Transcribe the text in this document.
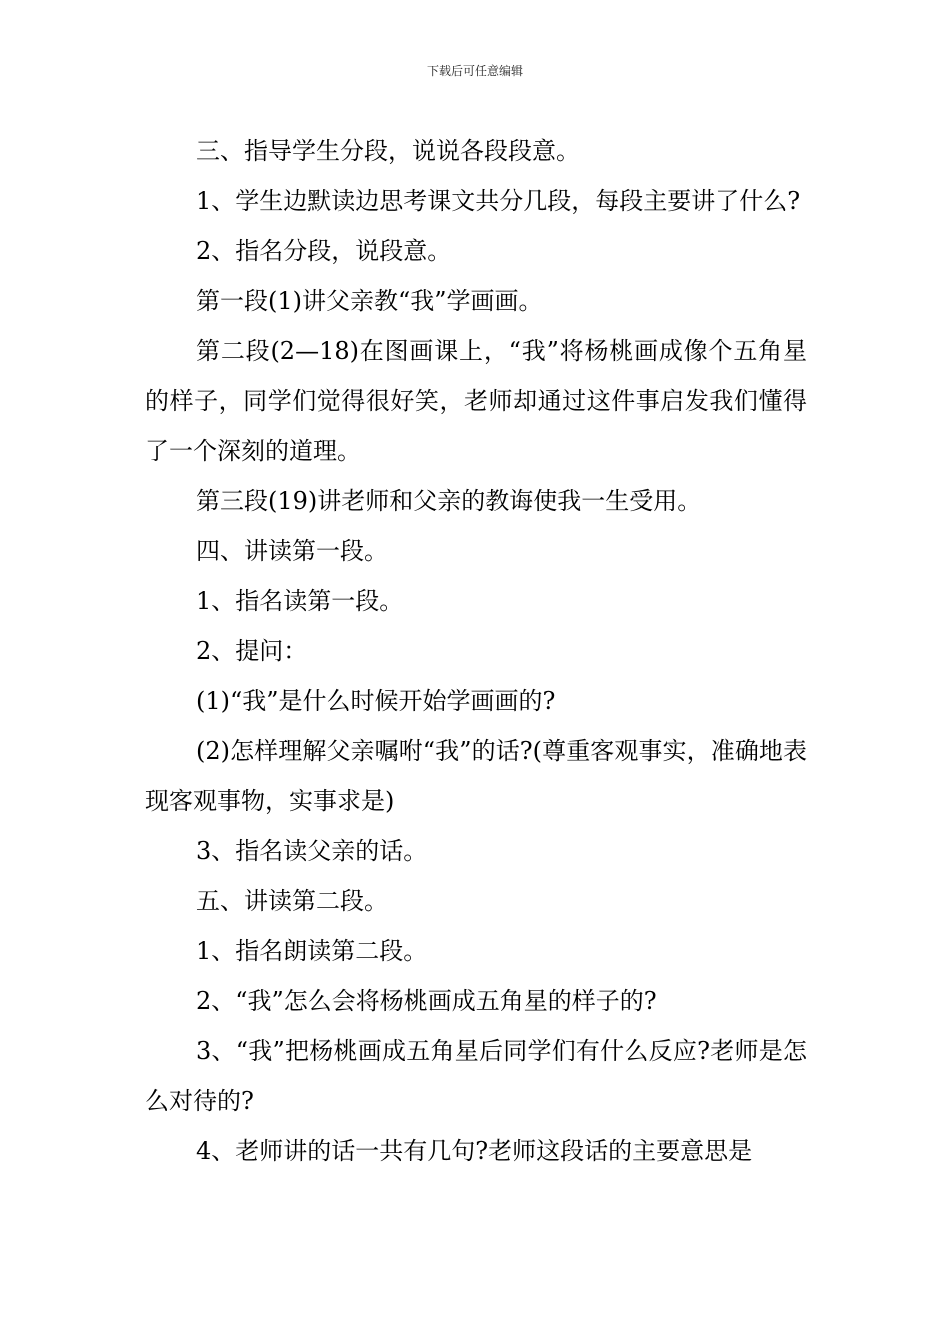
下载后可任意编辑

三、指导学生分段，说说各段段意。

1、学生边默读边思考课文共分几段，每段主要讲了什么?

2、指名分段，说段意。

第一段(1)讲父亲教“我”学画画。

第二段(2—18)在图画课上，“我”将杨桃画成像个五角星的样子，同学们觉得很好笑，老师却通过这件事启发我们懂得了一个深刻的道理。

第三段(19)讲老师和父亲的教诲使我一生受用。

四、讲读第一段。

1、指名读第一段。

2、提问：

(1)“我”是什么时候开始学画画的?

(2)怎样理解父亲嘱咐“我”的话?(尊重客观事实，准确地表现客观事物，实事求是)

3、指名读父亲的话。

五、讲读第二段。

1、指名朗读第二段。

2、“我”怎么会将杨桃画成五角星的样子的?

3、“我”把杨桃画成五角星后同学们有什么反应?老师是怎么对待的?

4、老师讲的话一共有几句?老师这段话的主要意思是
